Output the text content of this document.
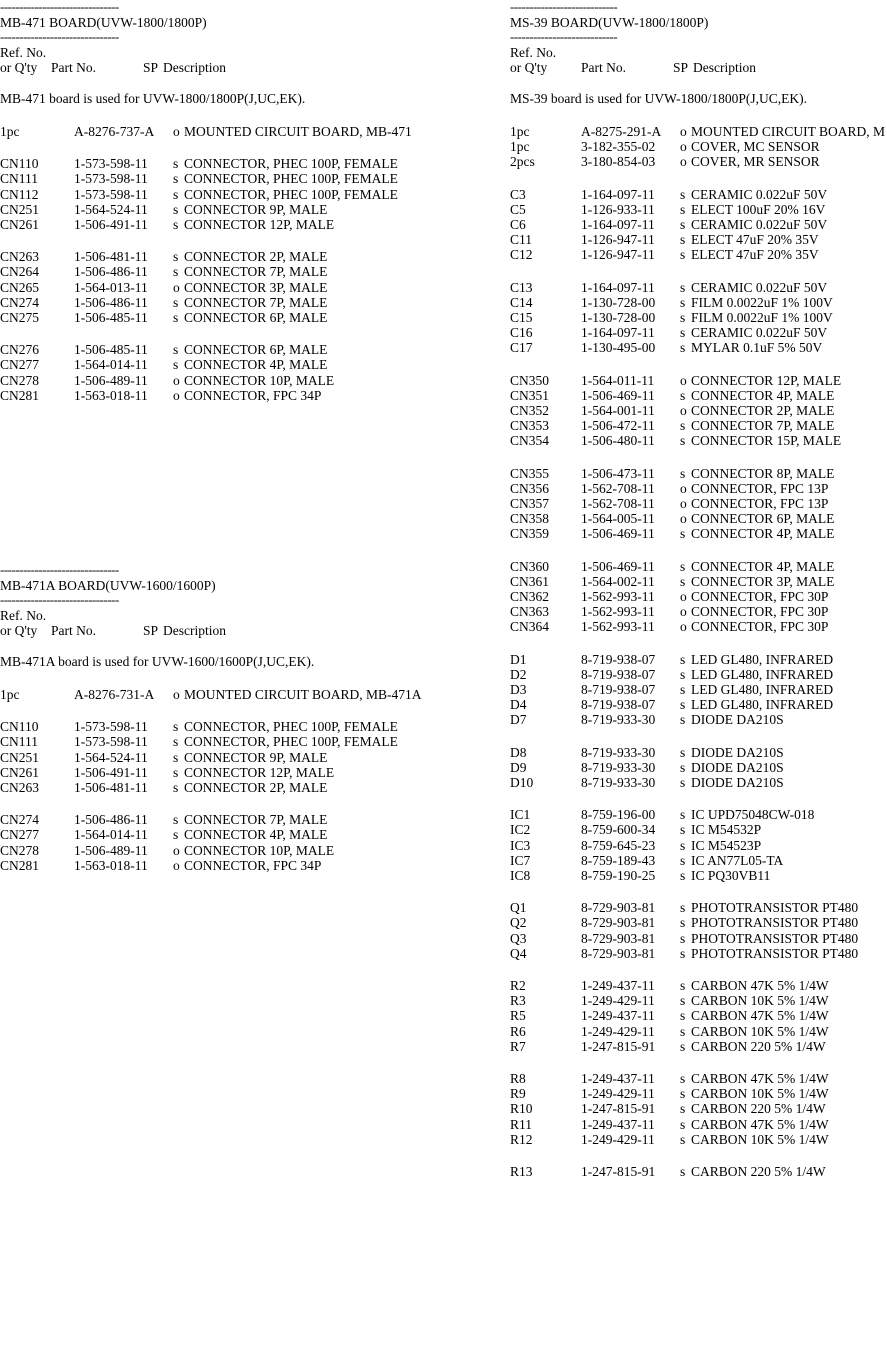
-------------------------------
MB-471 BOARD(UVW-1800/1800P)
-------------------------------
Ref. No.
or Q'ty Part No.	SP Description
MB-471 board is used for UVW-1800/1800P(J,UC,EK).
1pc	A-8276-737-A o MOUNTED CIRCUIT BOARD, MB-471
CN110	1-573-598-11 s CONNECTOR, PHEC 100P, FEMALE
CN111	1-573-598-11 s CONNECTOR, PHEC 100P, FEMALE
CN112	1-573-598-11 s CONNECTOR, PHEC 100P, FEMALE
CN251	1-564-524-11 s CONNECTOR 9P, MALE
CN261	1-506-491-11 s CONNECTOR 12P, MALE
CN263	1-506-481-11 s CONNECTOR 2P, MALE
CN264	1-506-486-11 s CONNECTOR 7P, MALE
CN265	1-564-013-11 o CONNECTOR 3P, MALE
CN274	1-506-486-11 s CONNECTOR 7P, MALE
CN275	1-506-485-11 s CONNECTOR 6P, MALE
CN276	1-506-485-11 s CONNECTOR 6P, MALE
CN277	1-564-014-11 s CONNECTOR 4P, MALE
CN278	1-506-489-11 o CONNECTOR 10P, MALE
CN281	1-563-018-11 o CONNECTOR, FPC 34P
-------------------------------
MB-471A BOARD(UVW-1600/1600P)
-------------------------------
Ref. No.
or Q'ty Part No.	SP Description
MB-471A board is used for UVW-1600/1600P(J,UC,EK).
1pc	A-8276-731-A o MOUNTED CIRCUIT BOARD, MB-471A
CN110	1-573-598-11 s CONNECTOR, PHEC 100P, FEMALE
CN111	1-573-598-11 s CONNECTOR, PHEC 100P, FEMALE
CN251	1-564-524-11 s CONNECTOR 9P, MALE
CN261	1-506-491-11 s CONNECTOR 12P, MALE
CN263	1-506-481-11 s CONNECTOR 2P, MALE
CN274	1-506-486-11 s CONNECTOR 7P, MALE
CN277	1-564-014-11 s CONNECTOR 4P, MALE
CN278	1-506-489-11 o CONNECTOR 10P, MALE
CN281	1-563-018-11 o CONNECTOR, FPC 34P
----------------------------
MS-39 BOARD(UVW-1800/1800P)
----------------------------
Ref. No.
or Q'ty Part No.	SP Description
MS-39 board is used for UVW-1800/1800P(J,UC,EK).
1pc	A-8275-291-A o MOUNTED CIRCUIT BOARD, M
1pc	3-182-355-02 o COVER, MC SENSOR
2pcs	3-180-854-03 o COVER, MR SENSOR
C3	1-164-097-11 s CERAMIC 0.022uF 50V
C5	1-126-933-11 s ELECT 100uF 20% 16V
C6	1-164-097-11 s CERAMIC 0.022uF 50V
C11	1-126-947-11 s ELECT 47uF 20% 35V
C12	1-126-947-11 s ELECT 47uF 20% 35V
C13	1-164-097-11 s CERAMIC 0.022uF 50V
C14	1-130-728-00 s FILM 0.0022uF 1% 100V
C15	1-130-728-00 s FILM 0.0022uF 1% 100V
C16	1-164-097-11 s CERAMIC 0.022uF 50V
C17	1-130-495-00 s MYLAR 0.1uF 5% 50V
CN350 1-564-011-11 o CONNECTOR 12P, MALE
CN351 1-506-469-11 s CONNECTOR 4P, MALE
CN352 1-564-001-11 o CONNECTOR 2P, MALE
CN353 1-506-472-11 s CONNECTOR 7P, MALE
CN354 1-506-480-11 s CONNECTOR 15P, MALE
CN355 1-506-473-11 s CONNECTOR 8P, MALE
CN356 1-562-708-11 o CONNECTOR, FPC 13P
CN357 1-562-708-11 o CONNECTOR, FPC 13P
CN358 1-564-005-11 o CONNECTOR 6P, MALE
CN359 1-506-469-11 s CONNECTOR 4P, MALE
CN360 1-506-469-11 s CONNECTOR 4P, MALE
CN361 1-564-002-11 s CONNECTOR 3P, MALE
CN362 1-562-993-11 o CONNECTOR, FPC 30P
CN363 1-562-993-11 o CONNECTOR, FPC 30P
CN364 1-562-993-11 o CONNECTOR, FPC 30P
D1	8-719-938-07 s LED GL480, INFRARED
D2	8-719-938-07 s LED GL480, INFRARED
D3	8-719-938-07 s LED GL480, INFRARED
D4	8-719-938-07 s LED GL480, INFRARED
D7	8-719-933-30 s DIODE DA210S
D8	8-719-933-30 s DIODE DA210S
D9	8-719-933-30 s DIODE DA210S
D10	8-719-933-30 s DIODE DA210S
IC1	8-759-196-00 s IC UPD75048CW-018
IC2	8-759-600-34 s IC M54532P
IC3	8-759-645-23 s IC M54523P
IC7	8-759-189-43 s IC AN77L05-TA
IC8	8-759-190-25 s IC PQ30VB11
Q1	8-729-903-81 s PHOTOTRANSISTOR PT480
Q2	8-729-903-81 s PHOTOTRANSISTOR PT480
Q3	8-729-903-81 s PHOTOTRANSISTOR PT480
Q4	8-729-903-81 s PHOTOTRANSISTOR PT480
R2	1-249-437-11 s CARBON 47K 5% 1/4W
R3	1-249-429-11 s CARBON 10K 5% 1/4W
R5	1-249-437-11 s CARBON 47K 5% 1/4W
R6	1-249-429-11 s CARBON 10K 5% 1/4W
R7	1-247-815-91 s CARBON 220 5% 1/4W
R8	1-249-437-11 s CARBON 47K 5% 1/4W
R9	1-249-429-11 s CARBON 10K 5% 1/4W
R10	1-247-815-91 s CARBON 220 5% 1/4W
R11	1-249-437-11 s CARBON 47K 5% 1/4W
R12	1-249-429-11 s CARBON 10K 5% 1/4W
R13	1-247-815-91 s CARBON 220 5% 1/4W
